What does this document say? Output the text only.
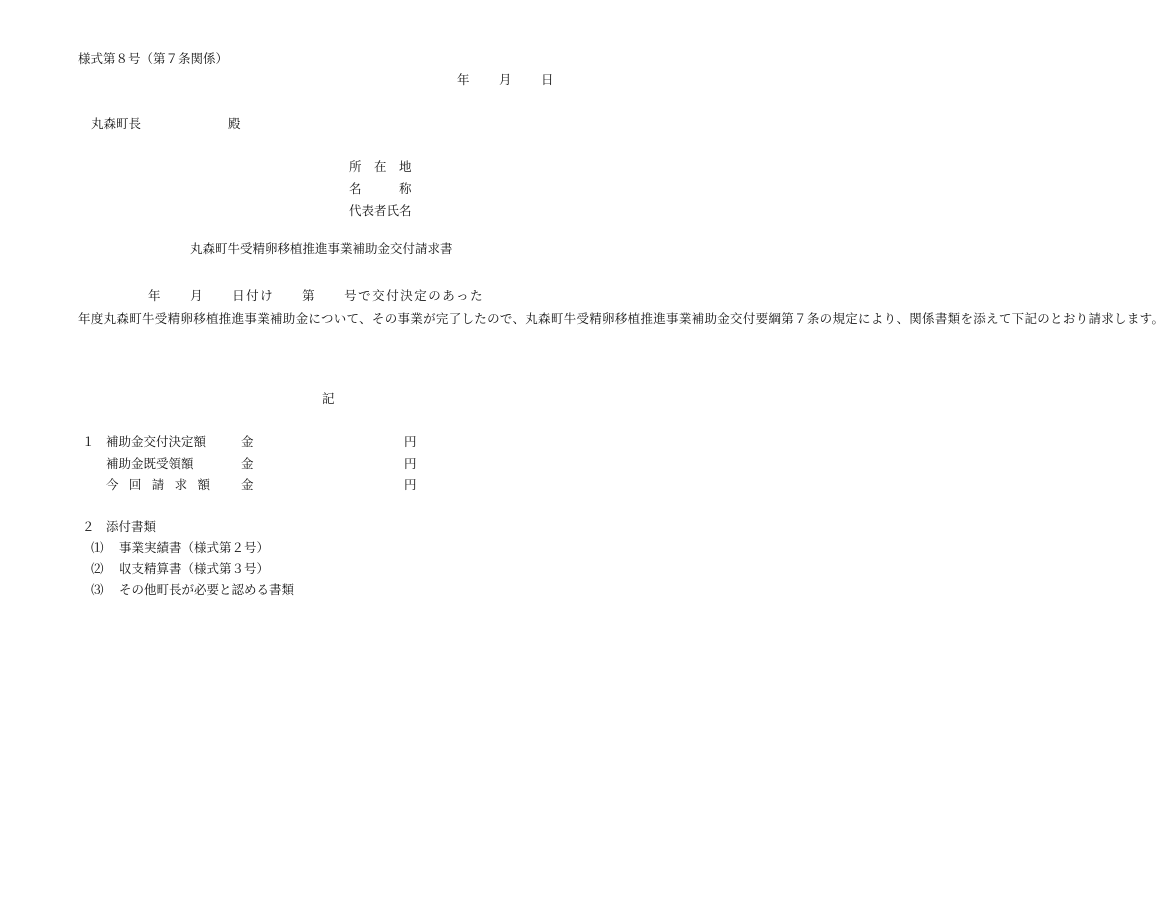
様式第８号（第７条関係）
年 月 日
丸森町長	殿
所　在　地
名　　　称
代表者氏名
丸森町牛受精卵移植推進事業補助金交付請求書
　　　　　年　　 月　　 日付け　　 第　　 号で交付決定のあった　　　　　年度丸森町牛受精卵移植推進事業補助金について、その事業が完了したので、丸森町牛受精卵移植推進事業補助金交付要綱第７条の規定により、関係書類を添えて下記のとおり請求します。
記
１ 補助金交付決定額	金	円
補助金既受領額	金	円
今回請求額 金	円
２ 添付書類
⑴ 事業実績書（様式第２号）
⑵ 収支精算書（様式第３号）
⑶ その他町長が必要と認める書類
